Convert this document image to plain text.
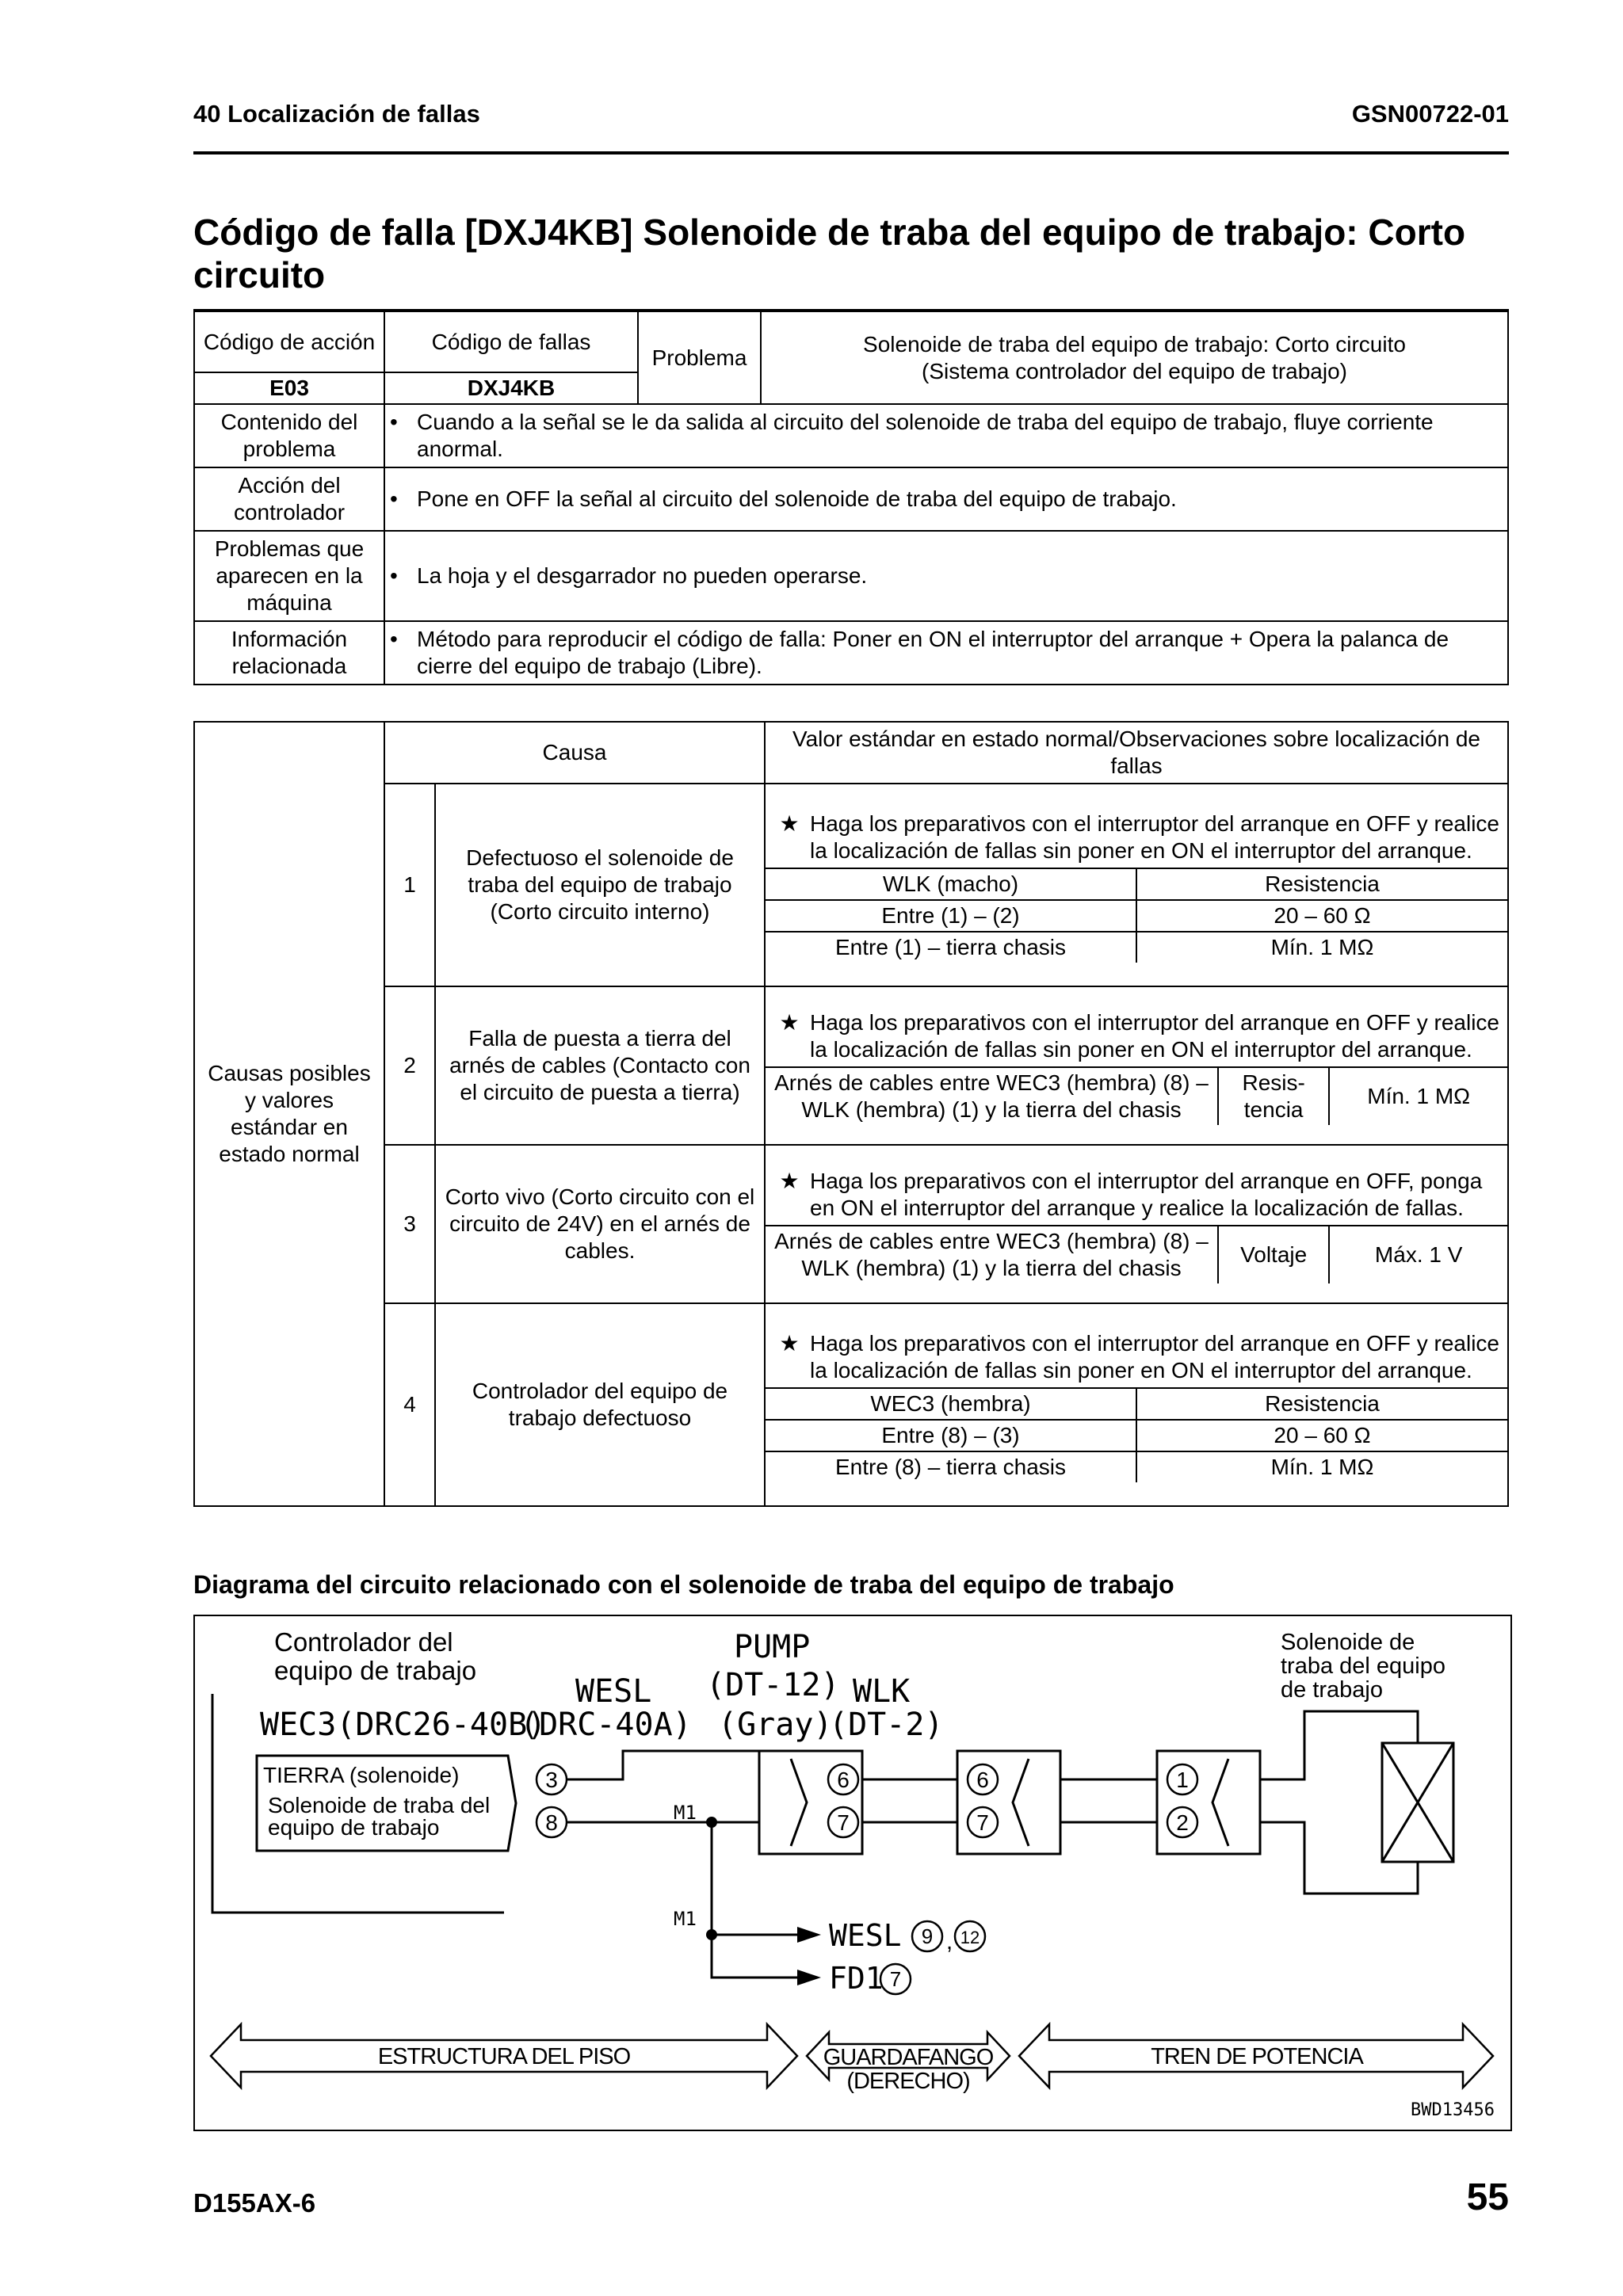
40 Localización de fallas	GSN00722-01
Código de falla [DXJ4KB] Solenoide de traba del equipo de trabajo: Corto circuito
Código de acción	Código de fallas	Problema	Solenoide de traba del equipo de trabajo: Corto circuito
(Sistema controlador del equipo de trabajo)

E03	DXJ4KB		
Contenido del problema	• Cuando a la señal se le da salida al circuito del solenoide de traba del equipo de trabajo, fluye corriente anormal.		

Acción del controlador	• Pone en OFF la señal al circuito del solenoide de traba del equipo de trabajo.		

Problemas que aparecen en la máquina	• La hoja y el desgarrador no pueden operarse.		

Información relacionada	• Método para reproducir el código de falla: Poner en ON el interruptor del arranque + Opera la palanca de cierre del equipo de trabajo (Libre).		
Causas posibles y valores estándar en estado normal	Causa	Valor estándar en estado normal/Observaciones sobre localización de fallas
1	Defectuoso el solenoide de traba del equipo de trabajo (Corto circuito interno)	
★ Haga los preparativos con el interruptor del arranque en OFF y realice la localización de fallas sin poner en ON el interruptor del arranque.
WLK (macho)	Resistencia
Entre (1) – (2)	20 – 60 Ω
Entre (1) – tierra chasis	Mín. 1 MΩ

2	Falla de puesta a tierra del arnés de cables (Contacto con el circuito de puesta a tierra)	
★ Haga los preparativos con el interruptor del arranque en OFF y realice la localización de fallas sin poner en ON el interruptor del arranque.
Arnés de cables entre WEC3 (hembra) (8) – WLK (hembra) (1) y la tierra del chasis	Resis-tencia	Mín. 1 MΩ

3	Corto vivo (Corto circuito con el circuito de 24V) en el arnés de cables.	
★ Haga los preparativos con el interruptor del arranque en OFF, ponga en ON el interruptor del arranque y realice la localización de fallas.
Arnés de cables entre WEC3 (hembra) (8) – WLK (hembra) (1) y la tierra del chasis	Voltaje	Máx. 1 V

4	Controlador del equipo de trabajo defectuoso	
★ Haga los preparativos con el interruptor del arranque en OFF y realice la localización de fallas sin poner en ON el interruptor del arranque.
WEC3 (hembra)	Resistencia
Entre (8) – (3)	20 – 60 Ω
Entre (8) – tierra chasis	Mín. 1 MΩ
Diagrama del circuito relacionado con el solenoide de traba del equipo de trabajo
Controlador del
equipo de trabajo
WEC3(DRC26-40B)
WESL
(DRC-40A)
PUMP
(DT-12)
(Gray)
WLK
(DT-2)
Solenoide de
traba del equipo
de trabajo
TIERRA (solenoide)
Solenoide de traba del
equipo de trabajo
3
8
6
7
6
7
1
2
M1
M1	WESL
FD1
9 , 12
7
ESTRUCTURA DEL PISO	GUARDAFANGO
(DERECHO)
TREN DE POTENCIA
BWD13456
D155AX-6	55
